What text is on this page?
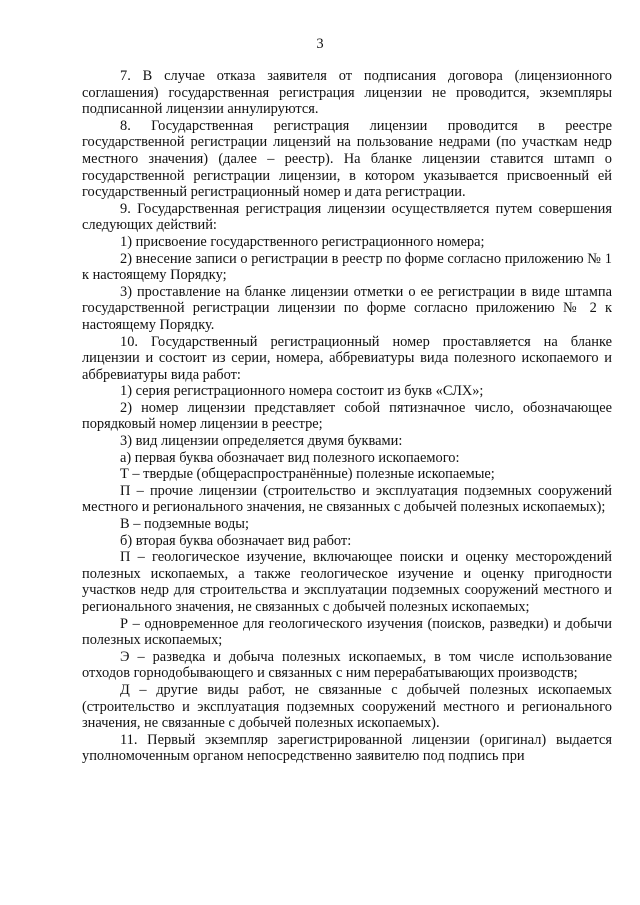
3

7. В случае отказа заявителя от подписания договора (лицензионного соглашения) государственная регистрация лицензии не проводится, экземпляры подписанной лицензии аннулируются.

8. Государственная регистрация лицензии проводится в реестре государственной регистрации лицензий на пользование недрами (по участкам недр местного значения) (далее – реестр). На бланке лицензии ставится штамп о государственной регистрации лицензии, в котором указывается присвоенный ей государственный регистрационный номер и дата регистрации.

9. Государственная регистрация лицензии осуществляется путем совершения следующих действий:

1) присвоение государственного регистрационного номера;

2) внесение записи о регистрации в реестр по форме согласно приложению № 1 к настоящему Порядку;

3) проставление на бланке лицензии отметки о ее регистрации в виде штампа государственной регистрации лицензии по форме согласно приложению № 2 к настоящему Порядку.

10. Государственный регистрационный номер проставляется на бланке лицензии и состоит из серии, номера, аббревиатуры вида полезного ископаемого и аббревиатуры вида работ:

1) серия регистрационного номера состоит из букв «СЛХ»;

2) номер лицензии представляет собой пятизначное число, обозначающее порядковый номер лицензии в реестре;

3) вид лицензии определяется двумя буквами:

а) первая буква обозначает вид полезного ископаемого:

Т – твердые (общераспространённые) полезные ископаемые;

П – прочие лицензии (строительство и эксплуатация подземных сооружений местного и регионального значения, не связанных с добычей полезных ископаемых);

В – подземные воды;

б) вторая буква обозначает вид работ:

П – геологическое изучение, включающее поиски и оценку месторождений полезных ископаемых, а также геологическое изучение и оценку пригодности участков недр для строительства и эксплуатации подземных сооружений местного и регионального значения, не связанных с добычей полезных ископаемых;

Р – одновременное для геологического изучения (поисков, разведки) и добычи полезных ископаемых;

Э – разведка и добыча полезных ископаемых, в том числе использование отходов горнодобывающего и связанных с ним перерабатывающих производств;

Д – другие виды работ, не связанные с добычей полезных ископаемых (строительство и эксплуатация подземных сооружений местного и регионального значения, не связанные с добычей полезных ископаемых).

11. Первый экземпляр зарегистрированной лицензии (оригинал) выдается уполномоченным органом непосредственно заявителю под подпись при
